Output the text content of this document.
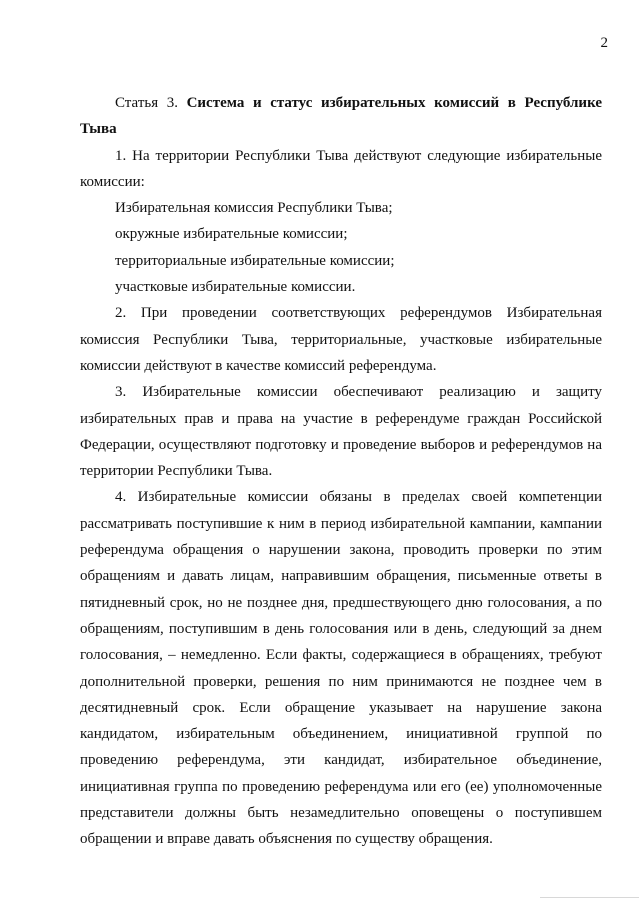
2

Статья 3. Система и статус избирательных комиссий в Республике Тыва

1. На территории Республики Тыва действуют следующие избирательные комиссии:

Избирательная комиссия Республики Тыва;
окружные избирательные комиссии;
территориальные избирательные комиссии;
участковые избирательные комиссии.

2. При проведении соответствующих референдумов Избирательная комиссия Республики Тыва, территориальные, участковые избирательные комиссии действуют в качестве комиссий референдума.

3. Избирательные комиссии обеспечивают реализацию и защиту избирательных прав и права на участие в референдуме граждан Российской Федерации, осуществляют подготовку и проведение выборов и референдумов на территории Республики Тыва.

4. Избирательные комиссии обязаны в пределах своей компетенции рассматривать поступившие к ним в период избирательной кампании, кампании референдума обращения о нарушении закона, проводить проверки по этим обращениям и давать лицам, направившим обращения, письменные ответы в пятидневный срок, но не позднее дня, предшествующего дню голосования, а по обращениям, поступившим в день голосования или в день, следующий за днем голосования, – немедленно. Если факты, содержащиеся в обращениях, требуют дополнительной проверки, решения по ним принимаются не позднее чем в десятидневный срок. Если обращение указывает на нарушение закона кандидатом, избирательным объединением, инициативной группой по проведению референдума, эти кандидат, избирательное объединение, инициативная группа по проведению референдума или его (ее) уполномоченные представители должны быть незамедлительно оповещены о поступившем обращении и вправе давать объяснения по существу обращения.
